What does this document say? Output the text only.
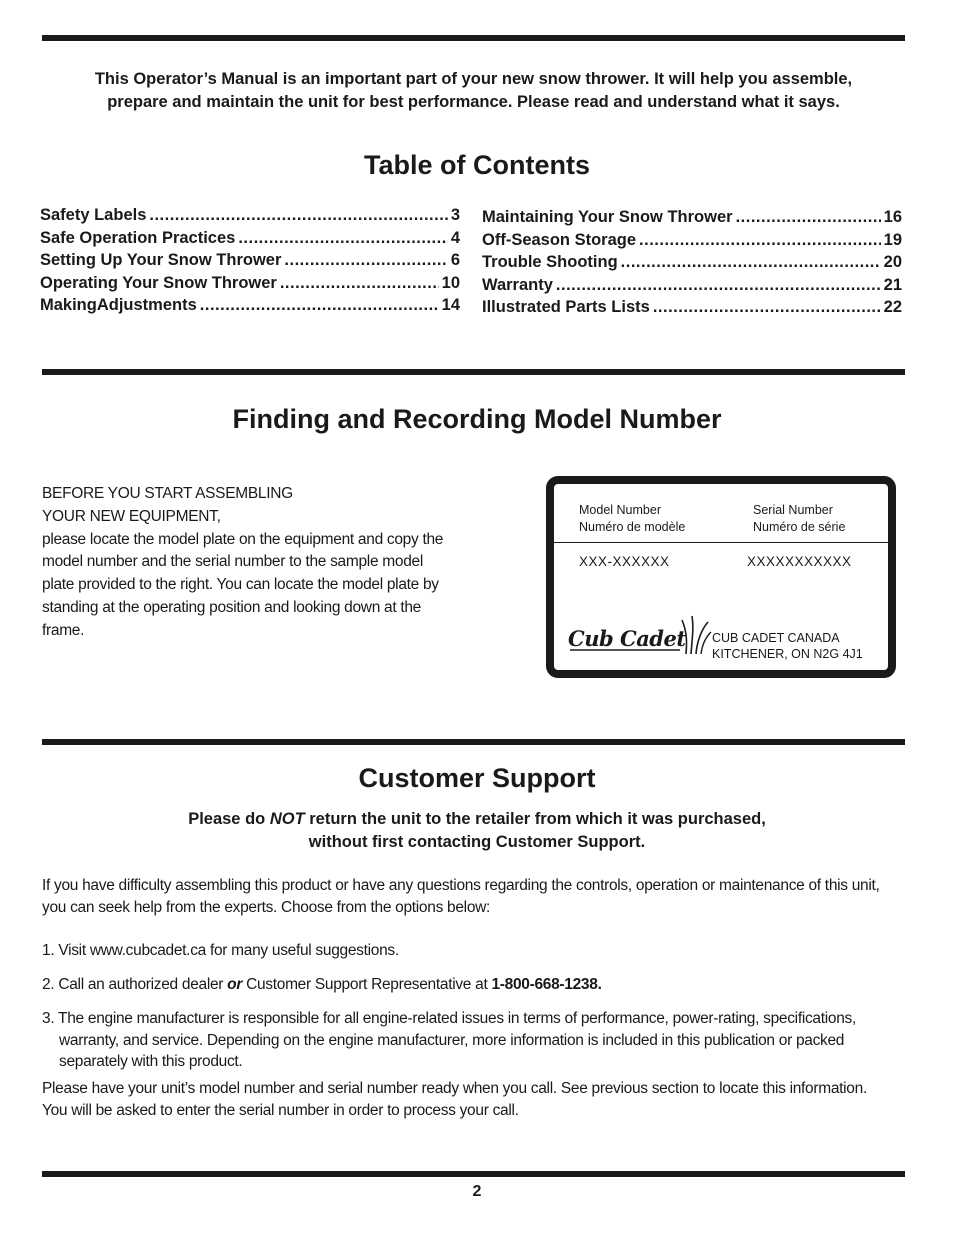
This Operator’s Manual is an important part of your new snow thrower. It will help you assemble,
prepare and maintain the unit for best performance. Please read and understand what it says.
Table of Contents
Safety Labels .....	3
Safe Operation Practices .....	4
Setting Up Your Snow Thrower .....	6
Operating Your Snow Thrower .....	10
MakingAdjustments .....	14
Maintaining Your Snow Thrower .....	16
Off-Season Storage .....	19
Trouble Shooting .....	20
Warranty .....	21
Illustrated Parts Lists .....	22
Finding and Recording Model Number
BEFORE YOU START ASSEMBLING
YOUR NEW EQUIPMENT,
please locate the model plate on the equipment and copy the
model number and the serial number to the sample model
plate provided to the right. You can locate the model plate by
standing at the operating position and looking down at the
frame.
Model Number
Numéro de modèle
Serial Number
Numéro de série
XXX-XXXXXX	XXXXXXXXXXX
Cub Cadet CUB CADET CANADA
KITCHENER, ON N2G 4J1
Customer Support
Please do NOT return the unit to the retailer from which it was purchased,
without first contacting Customer Support.
If you have difficulty assembling this product or have any questions regarding the controls, operation or maintenance of this unit,
you can seek help from the experts. Choose from the options below:
1. Visit www.cubcadet.ca for many useful suggestions.
2. Call an authorized dealer or Customer Support Representative at 1-800-668-1238.
3. The engine manufacturer is responsible for all engine-related issues in terms of performance, power-rating, specifications,
warranty, and service. Depending on the engine manufacturer, more information is included in this publication or packed
separately with this product.
Please have your unit’s model number and serial number ready when you call. See previous section to locate this information.
You will be asked to enter the serial number in order to process your call.
2
